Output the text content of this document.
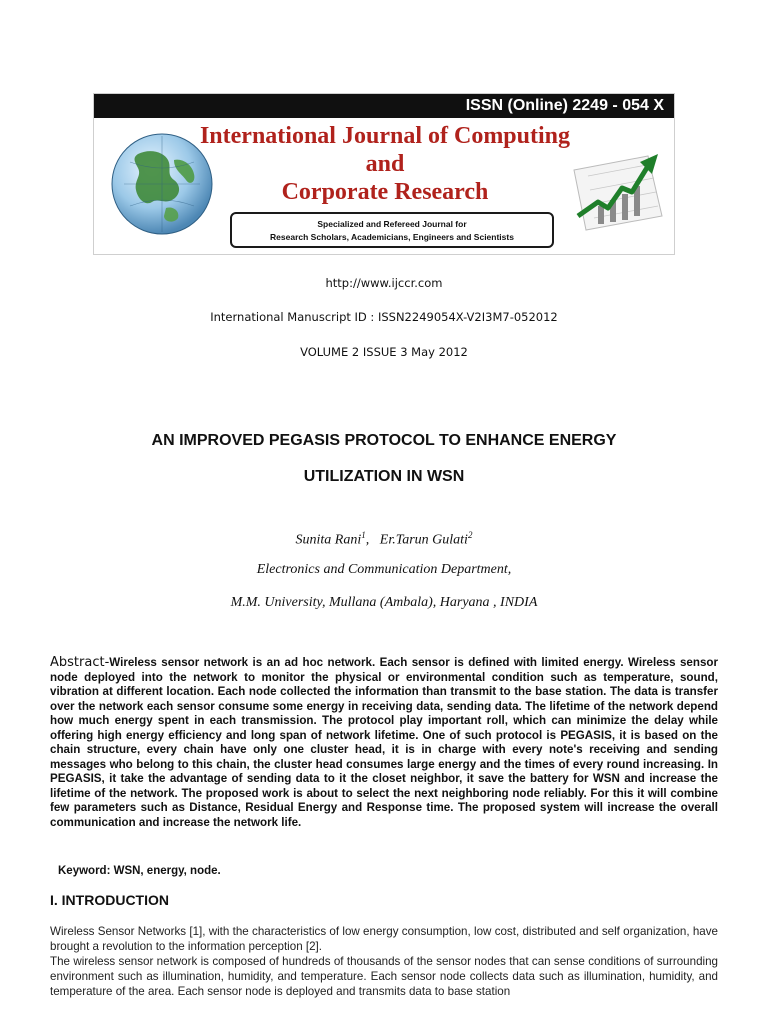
ISSN (Online) 2249 - 054 X
International Journal of Computing
and
Corporate Research
Specialized and Refereed Journal for
Research Scholars, Academicians, Engineers and Scientists
http://www.ijccr.com
International Manuscript ID : ISSN2249054X-V2I3M7-052012
VOLUME 2 ISSUE 3 May 2012
AN IMPROVED PEGASIS PROTOCOL TO ENHANCE ENERGY
UTILIZATION IN WSN
Sunita Rani$^1$,   Er.Tarun Gulati$^2$
Electronics and Communication Department,
M.M. University, Mullana (Ambala), Haryana , INDIA
Abstract-Wireless sensor network is an ad hoc network. Each sensor is defined with limited energy. Wireless sensor node deployed into the network to monitor the physical or environmental condition such as temperature, sound, vibration at different location. Each node collected the information than transmit to the base station. The data is transfer over the network each sensor consume some energy in receiving data, sending data. The lifetime of the network depend how much energy spent in each transmission. The protocol play important roll, which can minimize the delay while offering high energy efficiency and long span of network lifetime. One of such protocol is PEGASIS, it is based on the chain structure, every chain have only one cluster head, it is in charge with every note's receiving and sending messages who belong to this chain, the cluster head consumes large energy and the times of every round increasing. In PEGASIS, it take the advantage of sending data to it the closet neighbor, it save the battery for WSN and increase the lifetime of the network. The proposed work is about to select the next neighboring node reliably. For this it will combine few parameters such as Distance, Residual Energy and Response time. The proposed system will increase the overall communication and increase the network life.
Keyword: WSN, energy, node.
I. INTRODUCTION

Wireless Sensor Networks [1], with the characteristics of low energy consumption, low cost, distributed and self organization, have brought a revolution to the information perception [2].

The wireless sensor network is composed of hundreds of thousands of the sensor nodes that can sense conditions of surrounding environment such as illumination, humidity, and temperature. Each sensor node collects data such as illumination, humidity, and temperature of the area. Each sensor node is deployed and transmits data to base station
